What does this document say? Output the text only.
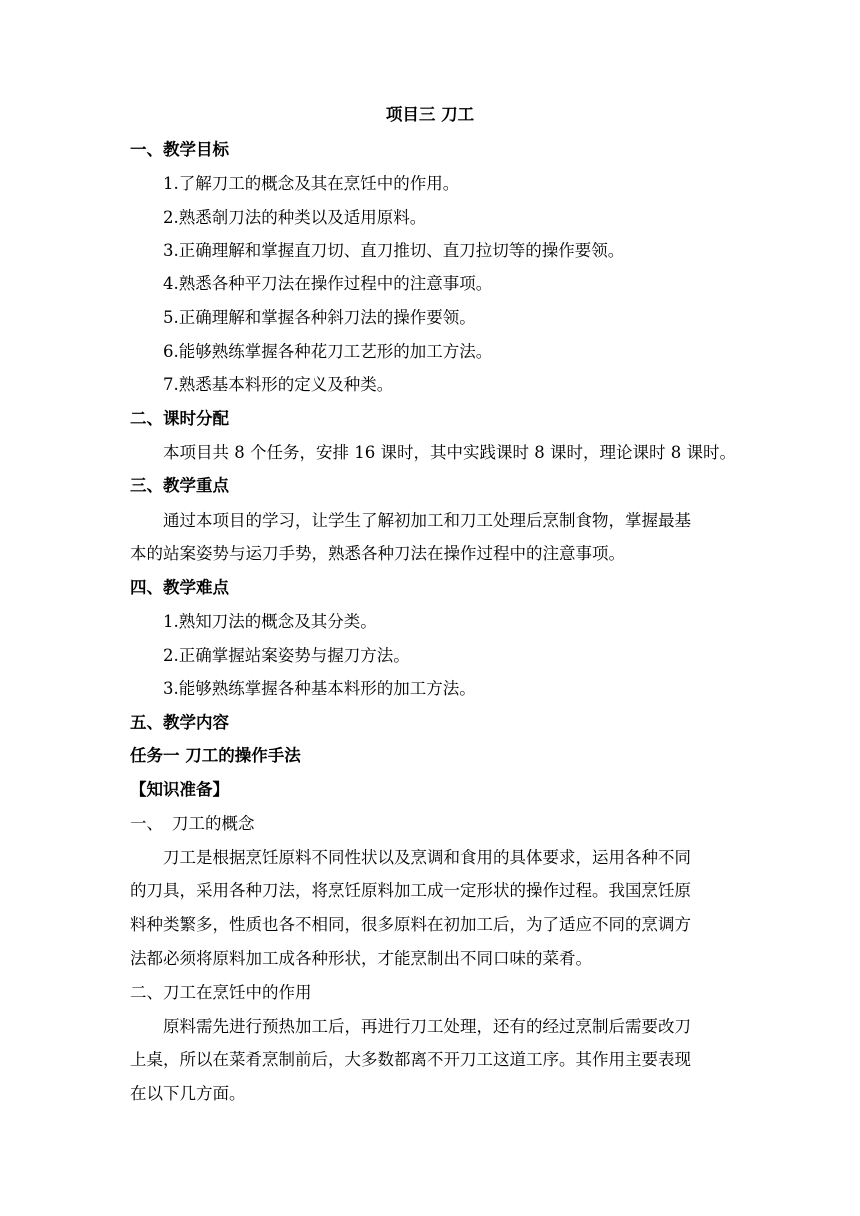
项目三 刀工
一、教学目标
1.了解刀工的概念及其在烹饪中的作用。
2.熟悉剞刀法的种类以及适用原料。
3.正确理解和掌握直刀切、直刀推切、直刀拉切等的操作要领。
4.熟悉各种平刀法在操作过程中的注意事项。
5.正确理解和掌握各种斜刀法的操作要领。
6.能够熟练掌握各种花刀工艺形的加工方法。
7.熟悉基本料形的定义及种类。
二、课时分配
本项目共 8 个任务，安排 16 课时，其中实践课时 8 课时，理论课时 8 课时。
三、教学重点
通过本项目的学习，让学生了解初加工和刀工处理后烹制食物，掌握最基
本的站案姿势与运刀手势，熟悉各种刀法在操作过程中的注意事项。
四、教学难点
1.熟知刀法的概念及其分类。
2.正确掌握站案姿势与握刀方法。
3.能够熟练掌握各种基本料形的加工方法。
五、教学内容
任务一 刀工的操作手法
【知识准备】
一、 刀工的概念
刀工是根据烹饪原料不同性状以及烹调和食用的具体要求，运用各种不同
的刀具，采用各种刀法，将烹饪原料加工成一定形状的操作过程。我国烹饪原
料种类繁多，性质也各不相同，很多原料在初加工后，为了适应不同的烹调方
法都必须将原料加工成各种形状，才能烹制出不同口味的菜肴。
二、刀工在烹饪中的作用
原料需先进行预热加工后，再进行刀工处理，还有的经过烹制后需要改刀
上桌，所以在菜肴烹制前后，大多数都离不开刀工这道工序。其作用主要表现
在以下几方面。
